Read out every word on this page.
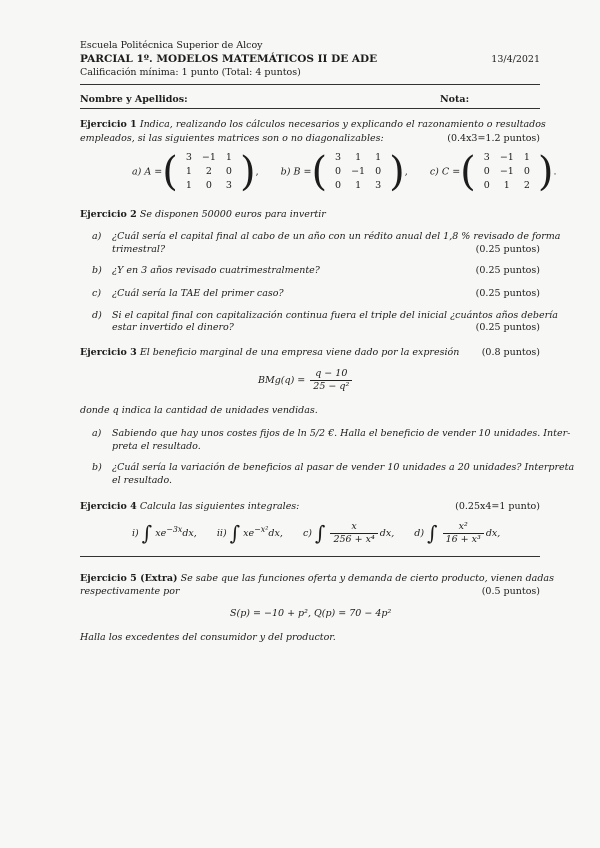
Escuela Politécnica Superior de Alcoy
PARCIAL 1º. MODELOS MATEMÁTICOS II DE ADE	13/4/2021
Calificación mínima: 1 punto (Total: 4 puntos)
Nombre y Apellidos:	Nota:
Ejercicio 1 Indica, realizando los cálculos necesarios y explicando el razonamiento o resultados
empleados, si las siguientes matrices son o no diagonalizables:	(0.4x3=1.2 puntos)
a) A =( 3	−1	1
1	2	0
1	0	3 ), b) B =( 3	1	1
0	−1	0
0	1	3 ), c) C =( 3	−1	1
0	−1	0
0	1	2 ).
Ejercicio 2 Se disponen 50000 euros para invertir
a) ¿Cuál sería el capital final al cabo de un año con un rédito anual del 1,8 % revisado de forma
trimestral?	(0.25 puntos)
b) ¿Y en 3 años revisado cuatrimestralmente?	(0.25 puntos)
c) ¿Cuál sería la TAE del primer caso?	(0.25 puntos)
d) Si el capital final con capitalización continua fuera el triple del inicial ¿cuántos años debería
estar invertido el dinero?	(0.25 puntos)
Ejercicio 3 El beneficio marginal de una empresa viene dado por la expresión (0.8 puntos)
$BMg(q) = \frac{q - 10}{\text{25 − q²}}$
donde q indica la cantidad de unidades vendidas.
a) Sabiendo que hay unos costes fijos de ln 5/2 €. Halla el beneficio de vender 10 unidades. Inter-
preta el resultado.
b) ¿Cuál sería la variación de beneficios al pasar de vender 10 unidades a 20 unidades? Interpreta
el resultado.
Ejercicio 4 Calcula las siguientes integrales:	(0.25x4=1 punto)
i) ∫ $xe^{-3x}dx$, ii) ∫ $xe^{-x^2}dx$, c) ∫ $\frac{x}{\text{256 + x⁴}}$ dx, d) ∫ $\frac{\text{x²}}{\text{16 + x³}}$ dx,
Ejercicio 5 (Extra) Se sabe que las funciones oferta y demanda de cierto producto, vienen dadas
respectivamente por	(0.5 puntos)
S(p) = −10 + p², Q(p) = 70 − 4p²
Halla los excedentes del consumidor y del productor.
